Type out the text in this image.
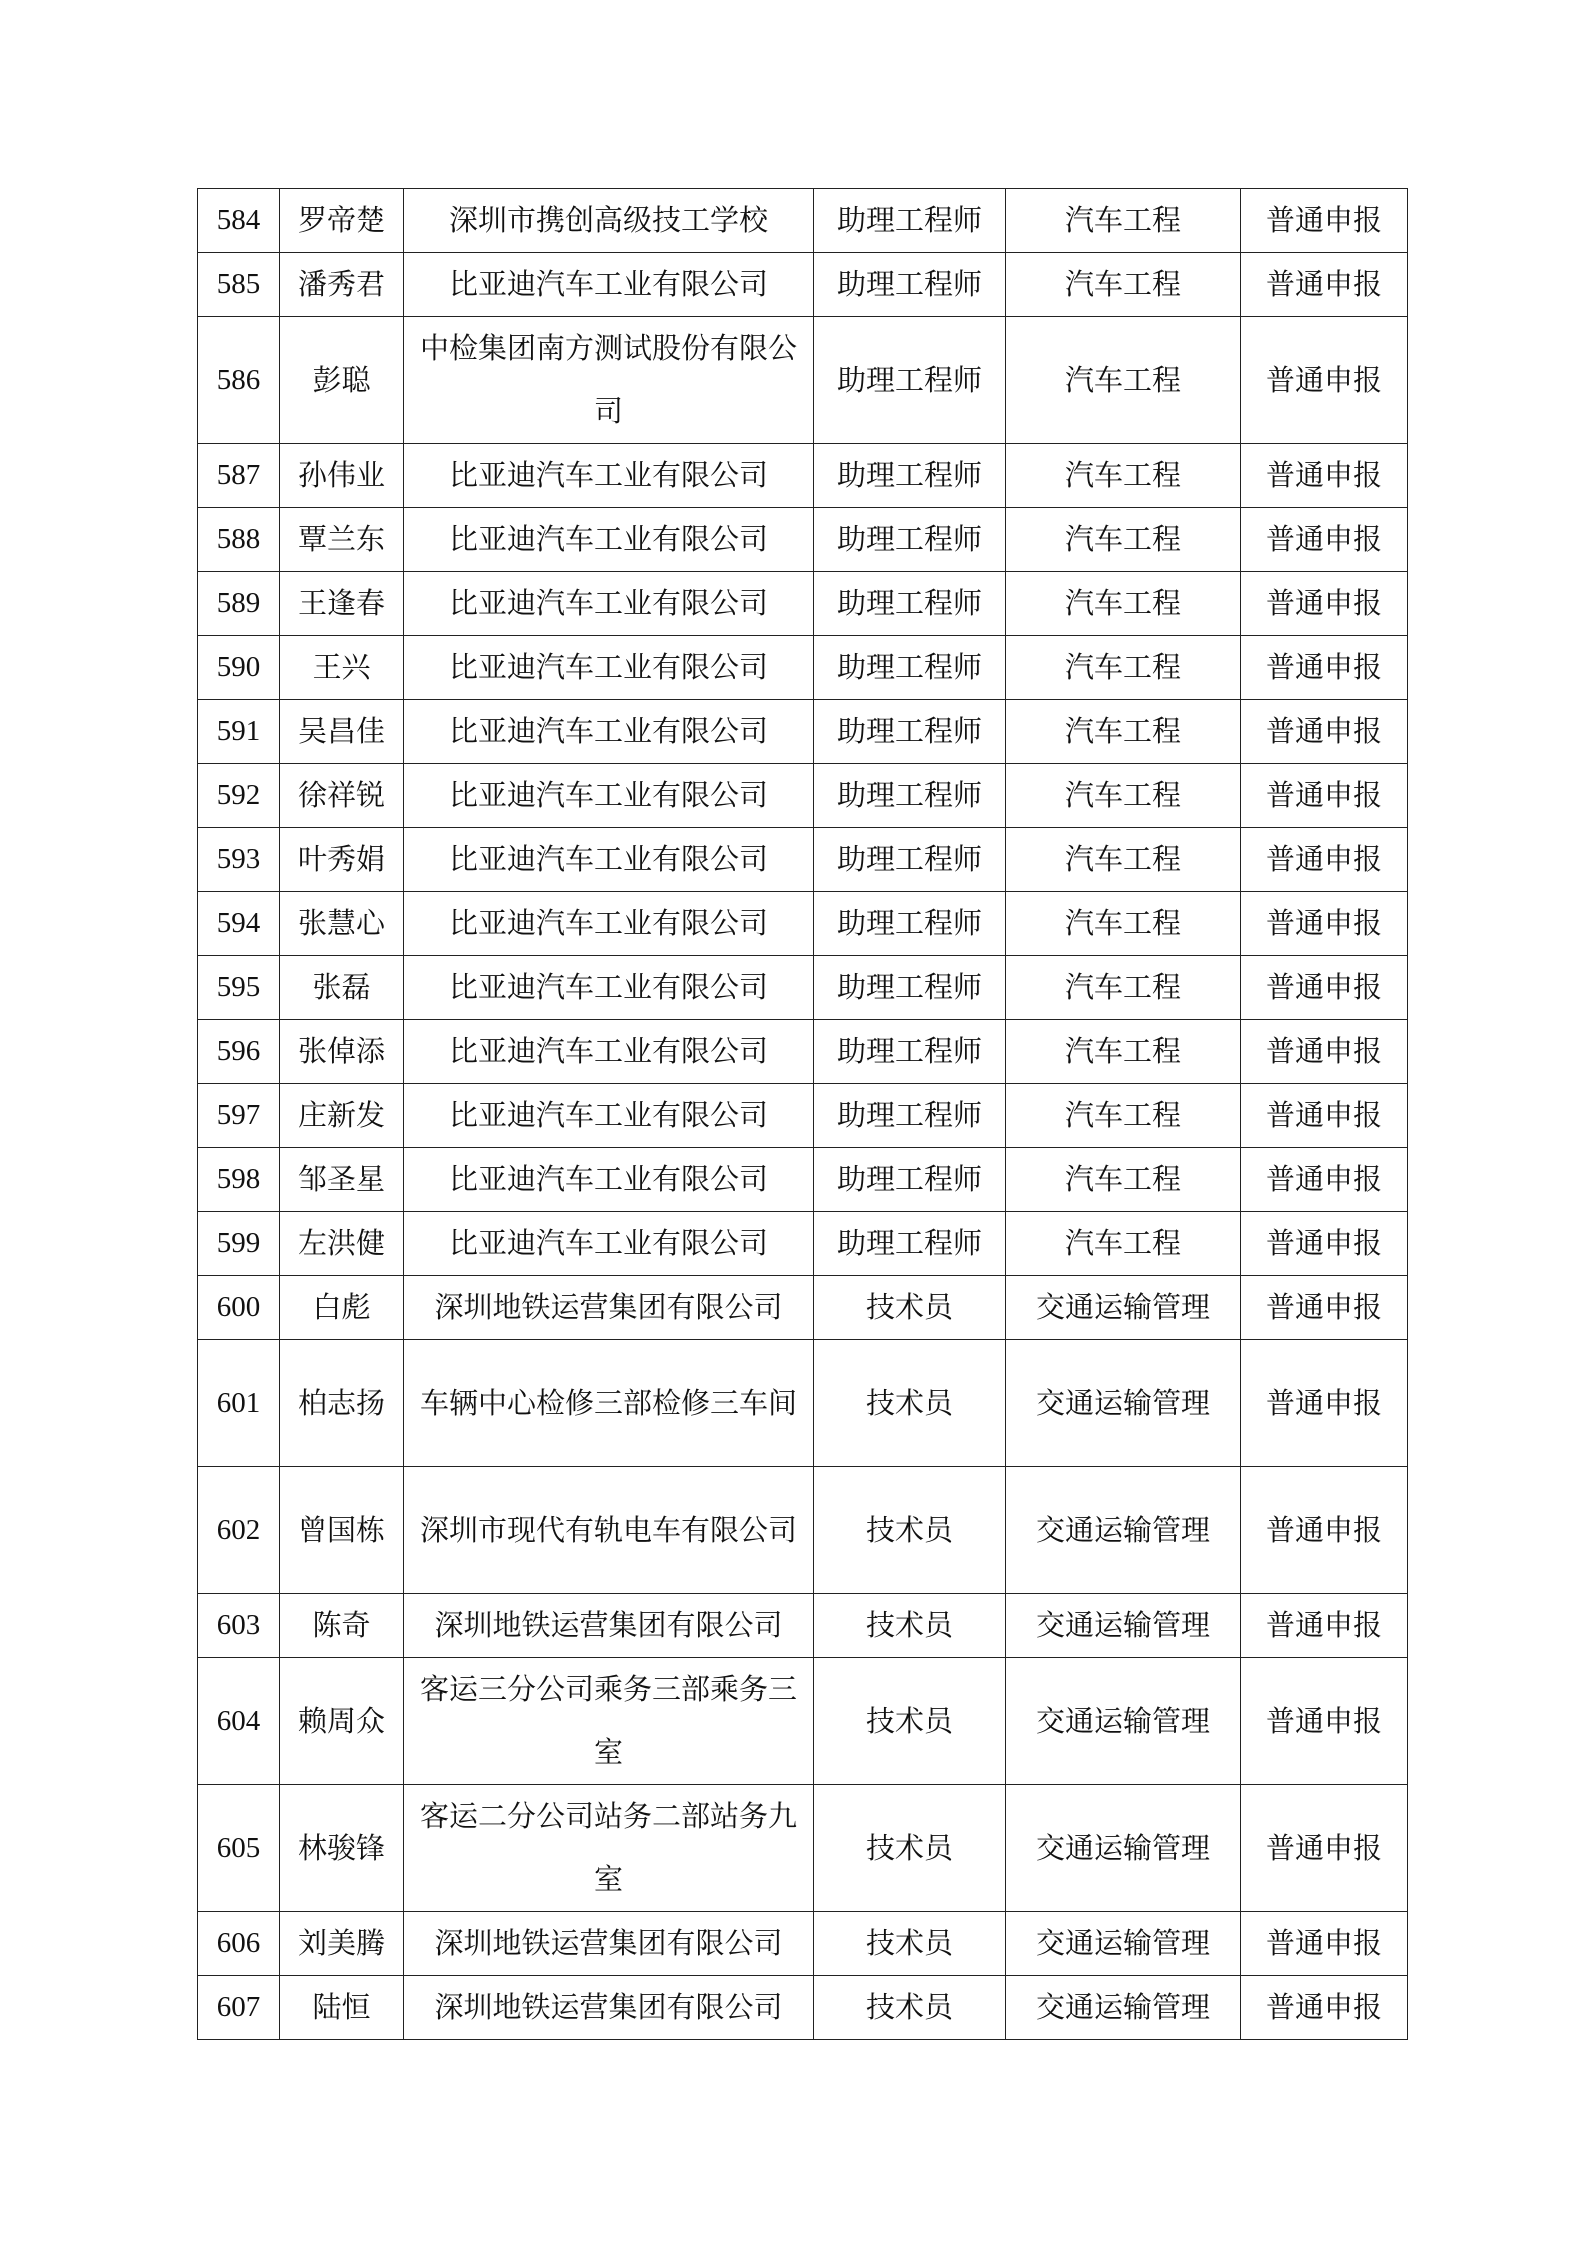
584	罗帝楚	深圳市携创高级技工学校	助理工程师	汽车工程	普通申报
585	潘秀君	比亚迪汽车工业有限公司	助理工程师	汽车工程	普通申报
586	彭聪	中检集团南方测试股份有限公司	助理工程师	汽车工程	普通申报
587	孙伟业	比亚迪汽车工业有限公司	助理工程师	汽车工程	普通申报
588	覃兰东	比亚迪汽车工业有限公司	助理工程师	汽车工程	普通申报
589	王逢春	比亚迪汽车工业有限公司	助理工程师	汽车工程	普通申报
590	王兴	比亚迪汽车工业有限公司	助理工程师	汽车工程	普通申报
591	吴昌佳	比亚迪汽车工业有限公司	助理工程师	汽车工程	普通申报
592	徐祥锐	比亚迪汽车工业有限公司	助理工程师	汽车工程	普通申报
593	叶秀娟	比亚迪汽车工业有限公司	助理工程师	汽车工程	普通申报
594	张慧心	比亚迪汽车工业有限公司	助理工程师	汽车工程	普通申报
595	张磊	比亚迪汽车工业有限公司	助理工程师	汽车工程	普通申报
596	张倬添	比亚迪汽车工业有限公司	助理工程师	汽车工程	普通申报
597	庄新发	比亚迪汽车工业有限公司	助理工程师	汽车工程	普通申报
598	邹圣星	比亚迪汽车工业有限公司	助理工程师	汽车工程	普通申报
599	左洪健	比亚迪汽车工业有限公司	助理工程师	汽车工程	普通申报
600	白彪	深圳地铁运营集团有限公司	技术员	交通运输管理	普通申报
601	柏志扬	车辆中心检修三部检修三车间	技术员	交通运输管理	普通申报
602	曾国栋	深圳市现代有轨电车有限公司	技术员	交通运输管理	普通申报
603	陈奇	深圳地铁运营集团有限公司	技术员	交通运输管理	普通申报
604	赖周众	客运三分公司乘务三部乘务三室	技术员	交通运输管理	普通申报
605	林骏锋	客运二分公司站务二部站务九室	技术员	交通运输管理	普通申报
606	刘美腾	深圳地铁运营集团有限公司	技术员	交通运输管理	普通申报
607	陆恒	深圳地铁运营集团有限公司	技术员	交通运输管理	普通申报
